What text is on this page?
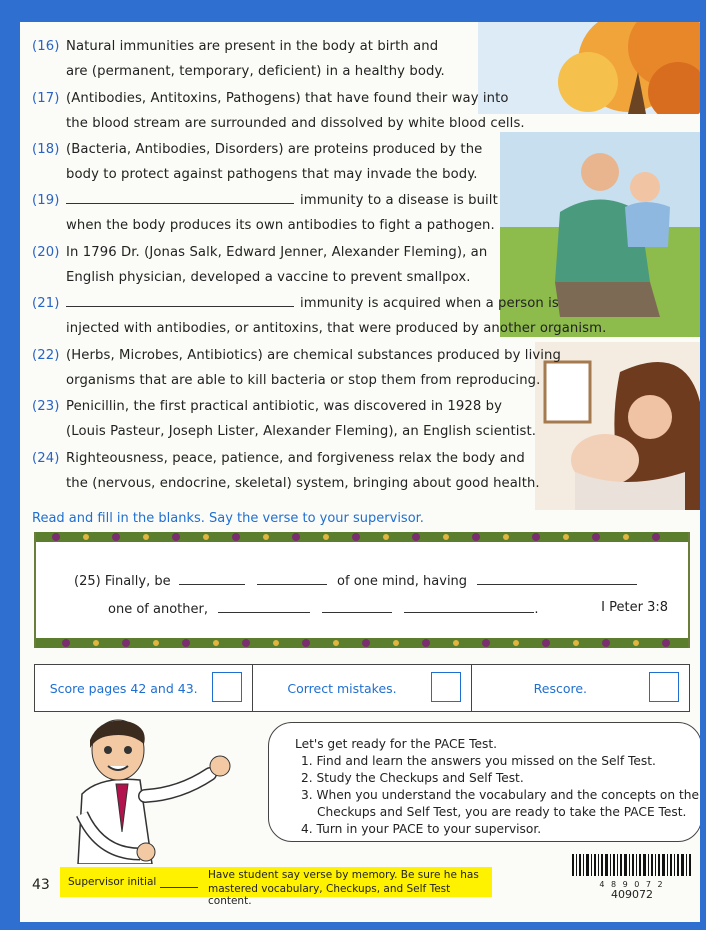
(16) Natural immunities are present in the body at birth and
are (permanent, temporary, deficient) in a healthy body.
(17) (Antibodies, Antitoxins, Pathogens) that have found their way into
the blood stream are surrounded and dissolved by white blood cells.
(18) (Bacteria, Antibodies, Disorders) are proteins produced by the
body to protect against pathogens that may invade the body.
(19)	immunity to a disease is built
when the body produces its own antibodies to fight a pathogen.
(20) In 1796 Dr. (Jonas Salk, Edward Jenner, Alexander Fleming), an
English physician, developed a vaccine to prevent smallpox.
(21)	immunity is acquired when a person is
injected with antibodies, or antitoxins, that were produced by another organism.
(22) (Herbs, Microbes, Antibiotics) are chemical substances produced by living
organisms that are able to kill bacteria or stop them from reproducing.
(23) Penicillin, the first practical antibiotic, was discovered in 1928 by
(Louis Pasteur, Joseph Lister, Alexander Fleming), an English scientist.
(24) Righteousness, peace, patience, and forgiveness relax the body and
the (nervous, endocrine, skeletal) system, bringing about good health.
Read and fill in the blanks. Say the verse to your supervisor.
(25) Finally, be	of one mind, having
one of another,	.	I Peter 3:8
Score pages 42 and 43.	Correct mistakes.	Rescore.
Let's get ready for the PACE Test.
1. Find and learn the answers you missed on the Self Test.
2. Study the Checkups and Self Test.
3. When you understand the vocabulary and the concepts on the
Checkups and Self Test, you are ready to take the PACE Test.
4. Turn in your PACE to your supervisor.
43 Supervisor initial
Have student say verse by memory. Be sure he has
mastered vocabulary, Checkups, and Self Test content.
4 8 9 0 7 2
409072
